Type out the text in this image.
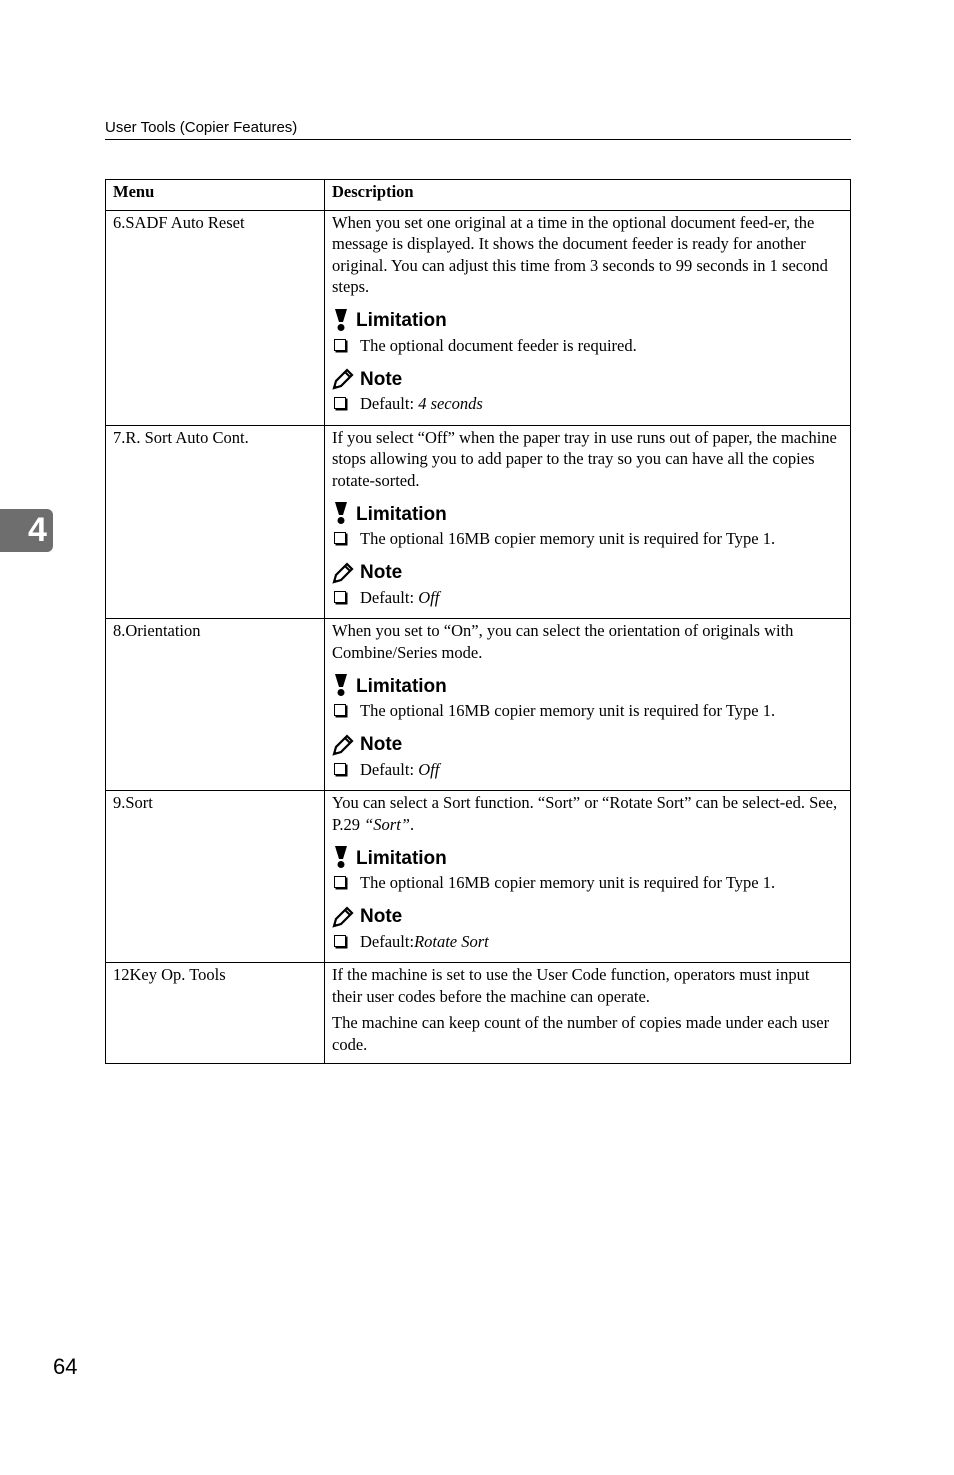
User Tools (Copier Features)
4
Menu	Description
6.SADF Auto Reset	When you set one original at a time in the optional document feed-er, the message is displayed. It shows the document feeder is ready for another original. You can adjust this time from 3 seconds to 99 seconds in 1 second steps.

Limitation
The optional document feeder is required.
Note
Default: 4 seconds

7.R. Sort Auto Cont.	If you select “Off” when the paper tray in use runs out of paper, the machine stops allowing you to add paper to the tray so you can have all the copies rotate-sorted.

Limitation
The optional 16MB copier memory unit is required for Type 1.
Note
Default: Off

8.Orientation	When you set to “On”, you can select the orientation of originals with Combine/Series mode.

Limitation
The optional 16MB copier memory unit is required for Type 1.
Note
Default: Off

9.Sort	You can select a Sort function. “Sort” or “Rotate Sort” can be select-ed. See, P.29 “Sort”.

Limitation
The optional 16MB copier memory unit is required for Type 1.
Note
Default:Rotate Sort

12Key Op. Tools	If the machine is set to use the User Code function, operators must input their user codes before the machine can operate.

The machine can keep count of the number of copies made under each user code.

64
